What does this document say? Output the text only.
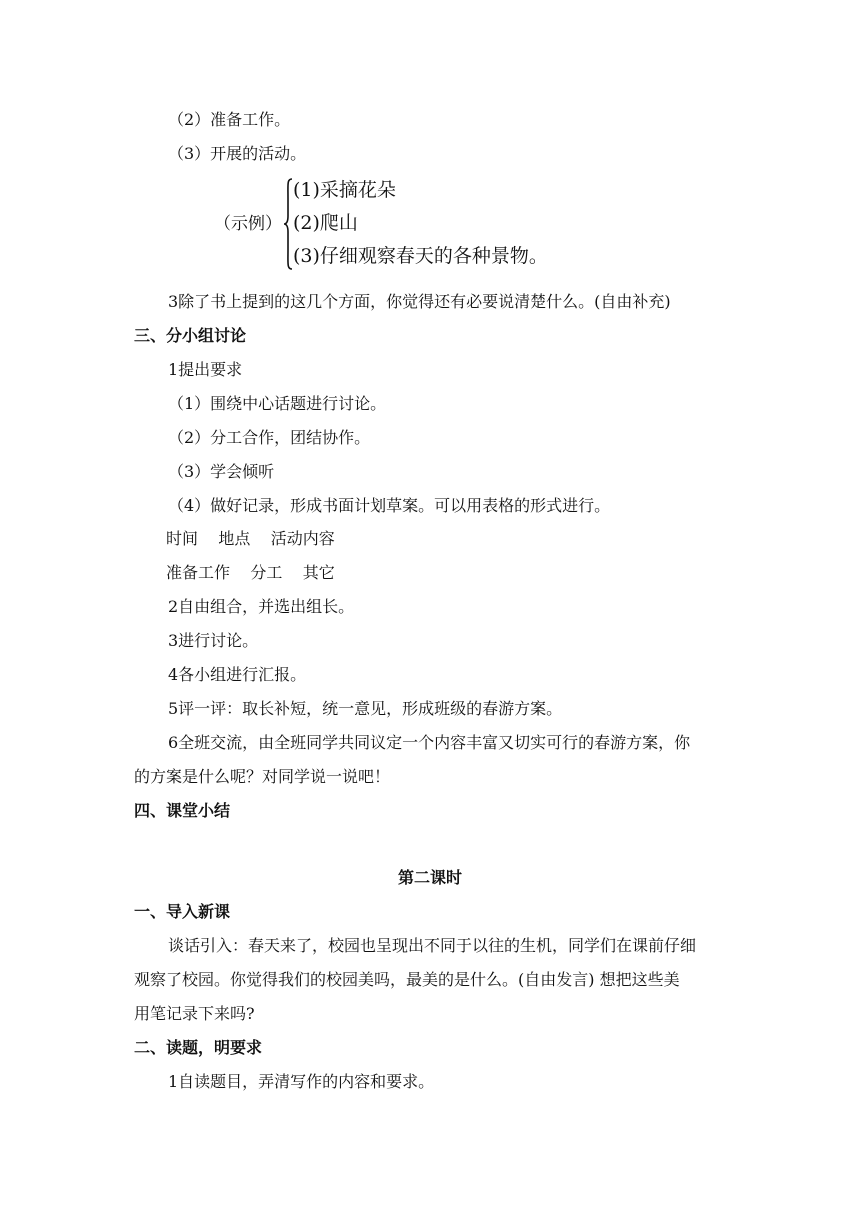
（2）准备工作。
（3）开展的活动。
（示例）
(1)采摘花朵
(2)爬山
(3)仔细观察春天的各种景物。
3除了书上提到的这几个方面，你觉得还有必要说清楚什么。(自由补充)
三、分小组讨论
1提出要求
（1）围绕中心话题进行讨论。
（2）分工合作，团结协作。
（3）学会倾听
（4）做好记录，形成书面计划草案。可以用表格的形式进行。
时间    地点    活动内容
准备工作    分工    其它
2自由组合，并选出组长。
3进行讨论。
4各小组进行汇报。
5评一评：取长补短，统一意见，形成班级的春游方案。
6全班交流，由全班同学共同议定一个内容丰富又切实可行的春游方案，你
的方案是什么呢？对同学说一说吧！
四、课堂小结
第二课时
一、导入新课
谈话引入：春天来了，校园也呈现出不同于以往的生机，同学们在课前仔细
观察了校园。你觉得我们的校园美吗，最美的是什么。(自由发言) 想把这些美
用笔记录下来吗?
二、读题，明要求
1自读题目，弄清写作的内容和要求。
